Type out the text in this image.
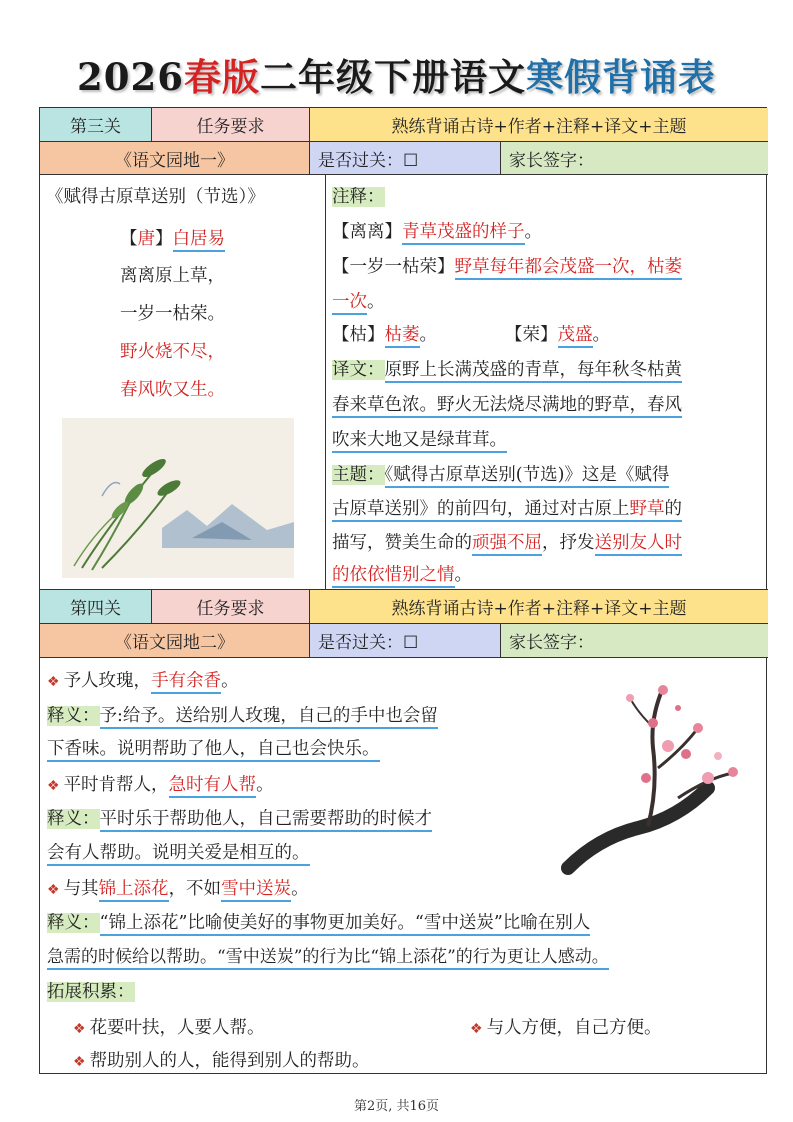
2026春版二年级下册语文寒假背诵表
第三关	任务要求	熟练背诵古诗+作者+注释+译文+主题
《语文园地一》	是否过关：☐	家长签字：
《赋得古原草送别（节选）》
【唐】白居易
离离原上草，
一岁一枯荣。
野火烧不尽，
春风吹又生。
注释：
【离离】青草茂盛的样子。
【一岁一枯荣】野草每年都会茂盛一次，枯萎
一次。
【枯】枯萎。	【荣】茂盛。
译文：原野上长满茂盛的青草，每年秋冬枯黄
春来草色浓。野火无法烧尽满地的野草，春风
吹来大地又是绿茸茸。
主题：《赋得古原草送别(节选)》这是《赋得
古原草送别》的前四句，通过对古原上野草的
描写，赞美生命的顽强不屈，抒发送别友人时
的依依惜别之情。
第四关	任务要求	熟练背诵古诗+作者+注释+译文+主题
《语文园地二》	是否过关：☐	家长签字：
❖ 予人玫瑰，手有余香。
释义：予:给予。送给别人玫瑰，自己的手中也会留
下香味。说明帮助了他人，自己也会快乐。
❖ 平时肯帮人，急时有人帮。
释义：平时乐于帮助他人，自己需要帮助的时候才
会有人帮助。说明关爱是相互的。
❖ 与其锦上添花，不如雪中送炭。
释义：“锦上添花”比喻使美好的事物更加美好。“雪中送炭”比喻在别人
急需的时候给以帮助。“雪中送炭”的行为比“锦上添花”的行为更让人感动。
拓展积累：
❖ 花要叶扶，人要人帮。	❖ 与人方便，自己方便。
❖ 帮助别人的人，能得到别人的帮助。
第2页, 共16页
